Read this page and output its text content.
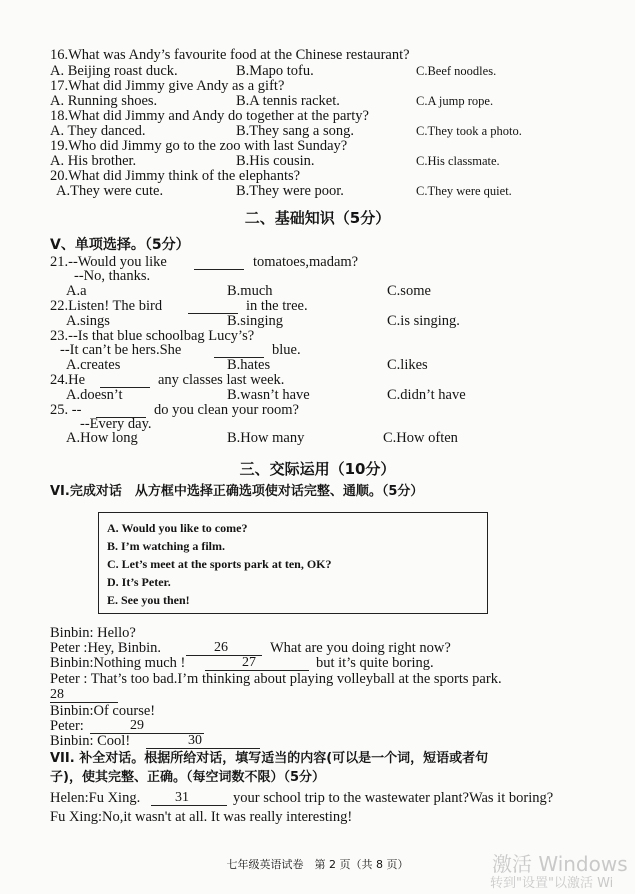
16.What was Andy’s favourite food at the Chinese restaurant?
A. Beijing roast duck.	B.Mapo tofu.	C.Beef noodles.
17.What did Jimmy give Andy as a gift?
A. Running shoes.	B.A tennis racket.	C.A jump rope.
18.What did Jimmy and Andy do together at the party?
A. They danced.	B.They sang a song.	C.They took a photo.
19.Who did Jimmy go to the zoo with last Sunday?
A. His brother.	B.His cousin.	C.His classmate.
20.What did Jimmy think of the elephants?
A.They were cute.	B.They were poor.	C.They were quiet.
二、基础知识（5分）
V、单项选择。（5分）
21.--Would you like	tomatoes,madam?
--No, thanks.
A.a	B.much	C.some
22.Listen! The bird	in the tree.
A.sings	B.singing	C.is singing.
23.--Is that blue schoolbag Lucy’s?
--It can’t be hers.She	blue.
A.creates	B.hates	C.likes
24.He	any classes last week.
A.doesn’t	B.wasn’t have	C.didn’t have
25. --	do you clean your room?
--Every day.
A.How long	B.How many	C.How often
三、交际运用（10分）
VI.完成对话　从方框中选择正确选项使对话完整、通顺。（5分）
A. Would you like to come?
B. I’m watching a film.
C. Let’s meet at the sports park at ten, OK?
D. It’s Peter.
E. See you then!
Binbin: Hello?
Peter :Hey, Binbin.	26	What are you doing right now?
Binbin:Nothing much !	27	but it’s quite boring.
Peter : That’s too bad.I’m thinking about playing volleyball at the sports park.
28
Binbin:Of course!
Peter:	29
Binbin: Cool!	30
VII. 补全对话。根据所给对话，填写适当的内容(可以是一个词，短语或者句
子)，使其完整、正确。（每空词数不限）（5分）
Helen:Fu Xing. 31	your school trip to the wastewater plant?Was it boring?
Fu Xing:No,it wasn't at all. It was really interesting!
七年级英语试卷　第 2 页（共 8 页）	激活 Windows
转到"设置"以激活 Wi
